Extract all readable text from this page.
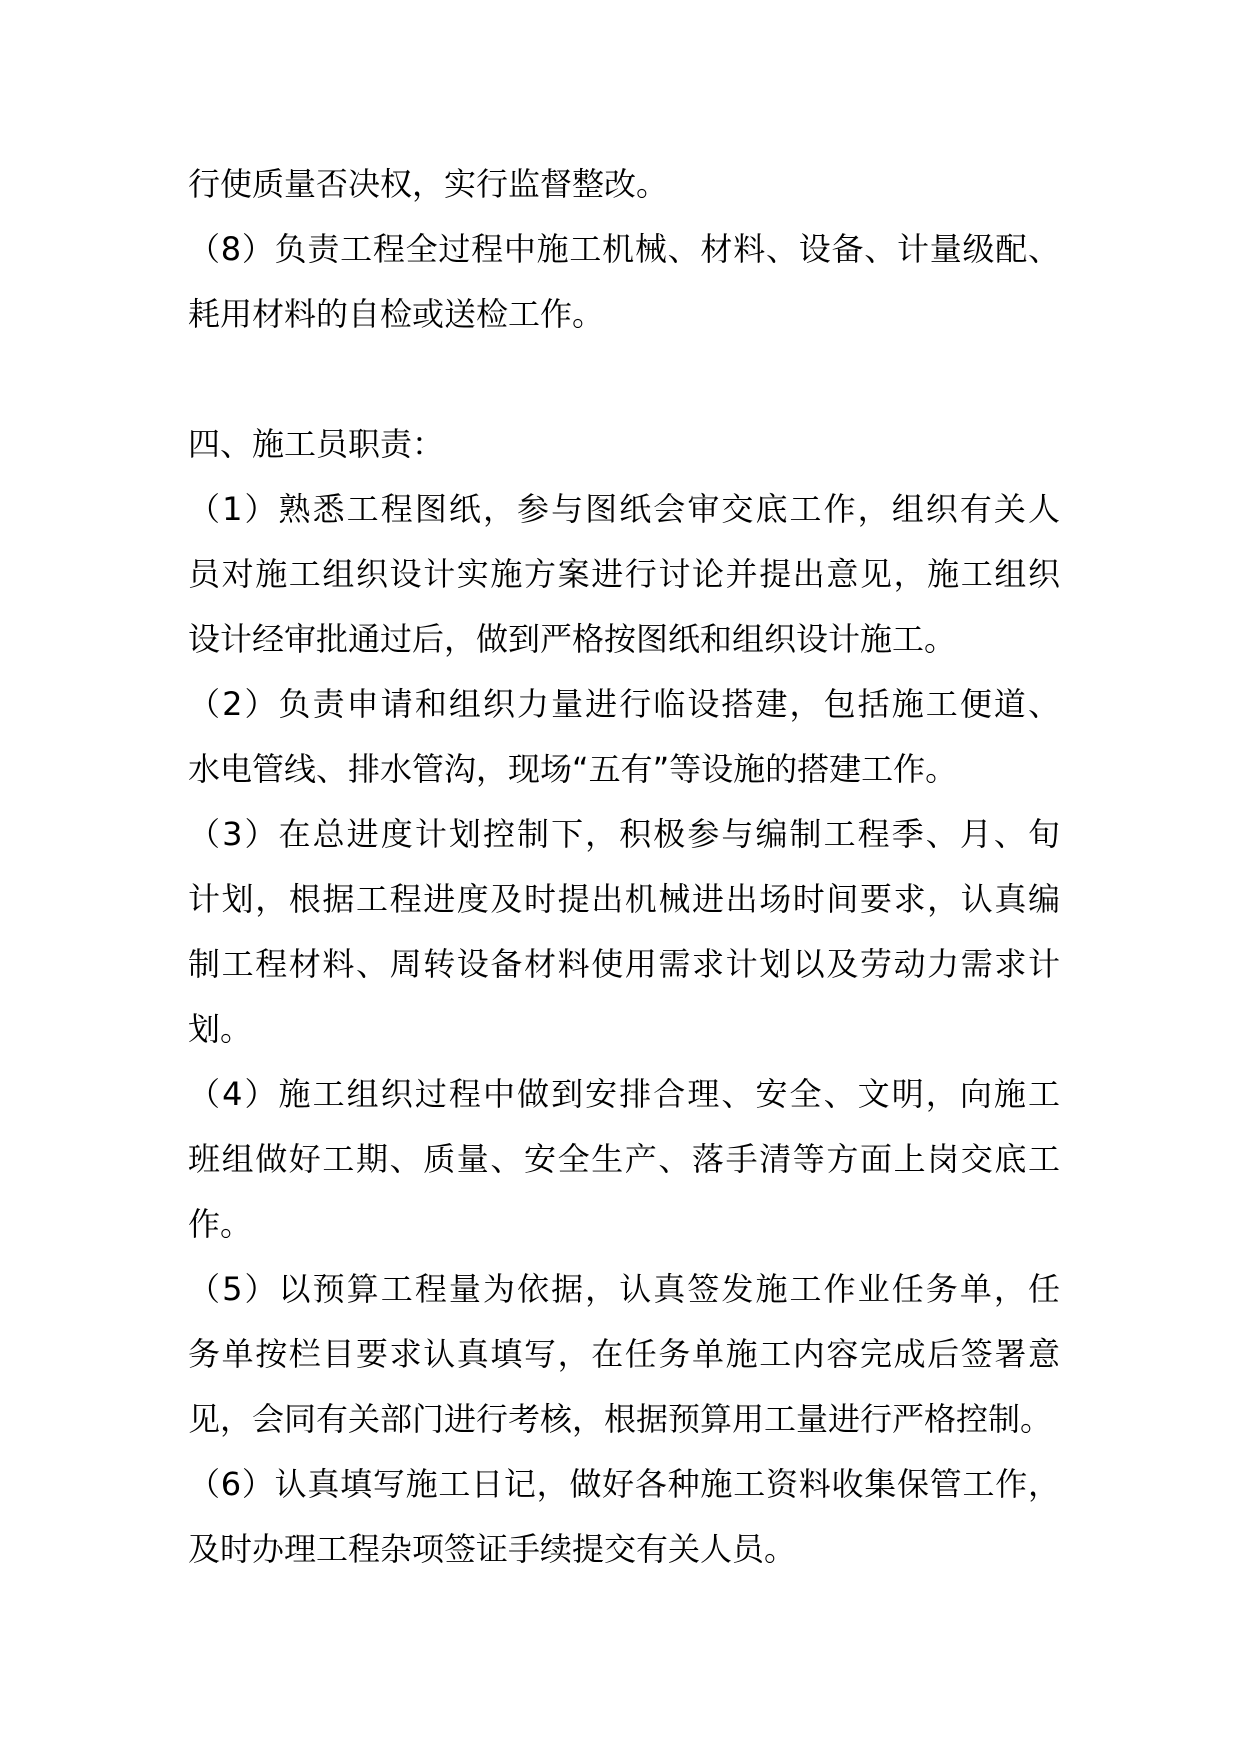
行使质量否决权，实行监督整改。
（8）负责工程全过程中施工机械、材料、设备、计量级配、
耗用材料的自检或送检工作。
四、施工员职责：
（1）熟悉工程图纸，参与图纸会审交底工作，组织有关人
员对施工组织设计实施方案进行讨论并提出意见，施工组织
设计经审批通过后，做到严格按图纸和组织设计施工。
（2）负责申请和组织力量进行临设搭建，包括施工便道、
水电管线、排水管沟，现场“五有”等设施的搭建工作。
（3）在总进度计划控制下，积极参与编制工程季、月、旬
计划，根据工程进度及时提出机械进出场时间要求，认真编
制工程材料、周转设备材料使用需求计划以及劳动力需求计
划。
（4）施工组织过程中做到安排合理、安全、文明，向施工
班组做好工期、质量、安全生产、落手清等方面上岗交底工
作。
（5）以预算工程量为依据，认真签发施工作业任务单，任
务单按栏目要求认真填写，在任务单施工内容完成后签署意
见，会同有关部门进行考核，根据预算用工量进行严格控制。
（6）认真填写施工日记，做好各种施工资料收集保管工作，
及时办理工程杂项签证手续提交有关人员。
